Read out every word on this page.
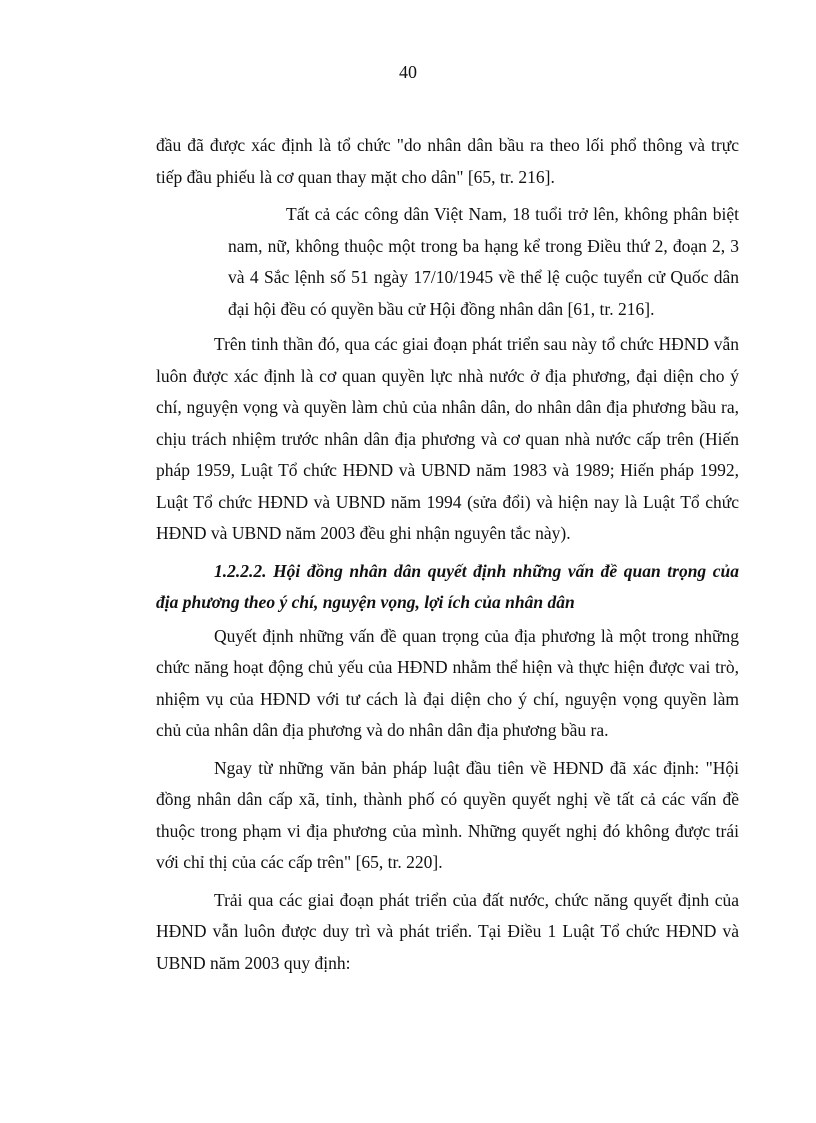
40

đầu đã được xác định là tổ chức "do nhân dân bầu ra theo lối phổ thông và trực tiếp đầu phiếu là cơ quan thay mặt cho dân" [65, tr. 216].

Tất cả các công dân Việt Nam, 18 tuổi trở lên, không phân biệt nam, nữ, không thuộc một trong ba hạng kể trong Điều thứ 2, đoạn 2, 3 và 4 Sắc lệnh số 51 ngày 17/10/1945 về thể lệ cuộc tuyển cử Quốc dân đại hội đều có quyền bầu cử Hội đồng nhân dân [61, tr. 216].

Trên tinh thần đó, qua các giai đoạn phát triển sau này tổ chức HĐND vẫn luôn được xác định là cơ quan quyền lực nhà nước ở địa phương, đại diện cho ý chí, nguyện vọng và quyền làm chủ của nhân dân, do nhân dân địa phương bầu ra, chịu trách nhiệm trước nhân dân địa phương và cơ quan nhà nước cấp trên (Hiến pháp 1959, Luật Tổ chức HĐND và UBND năm 1983 và 1989; Hiến pháp 1992, Luật Tổ chức HĐND và UBND năm 1994 (sửa đổi) và hiện nay là Luật Tổ chức HĐND và UBND năm 2003 đều ghi nhận nguyên tắc này).

1.2.2.2. Hội đồng nhân dân quyết định những vấn đề quan trọng của địa phương theo ý chí, nguyện vọng, lợi ích của nhân dân

Quyết định những vấn đề quan trọng của địa phương là một trong những chức năng hoạt động chủ yếu của HĐND nhằm thể hiện và thực hiện được vai trò, nhiệm vụ của HĐND với tư cách là đại diện cho ý chí, nguyện vọng quyền làm chủ của nhân dân địa phương và do nhân dân địa phương bầu ra.

Ngay từ những văn bản pháp luật đầu tiên về HĐND đã xác định: "Hội đồng nhân dân cấp xã, tỉnh, thành phố có quyền quyết nghị về tất cả các vấn đề thuộc trong phạm vi địa phương của mình. Những quyết nghị đó không được trái với chỉ thị của các cấp trên" [65, tr. 220].

Trải qua các giai đoạn phát triển của đất nước, chức năng quyết định của HĐND vẫn luôn được duy trì và phát triển. Tại Điều 1 Luật Tổ chức HĐND và UBND năm 2003 quy định:
